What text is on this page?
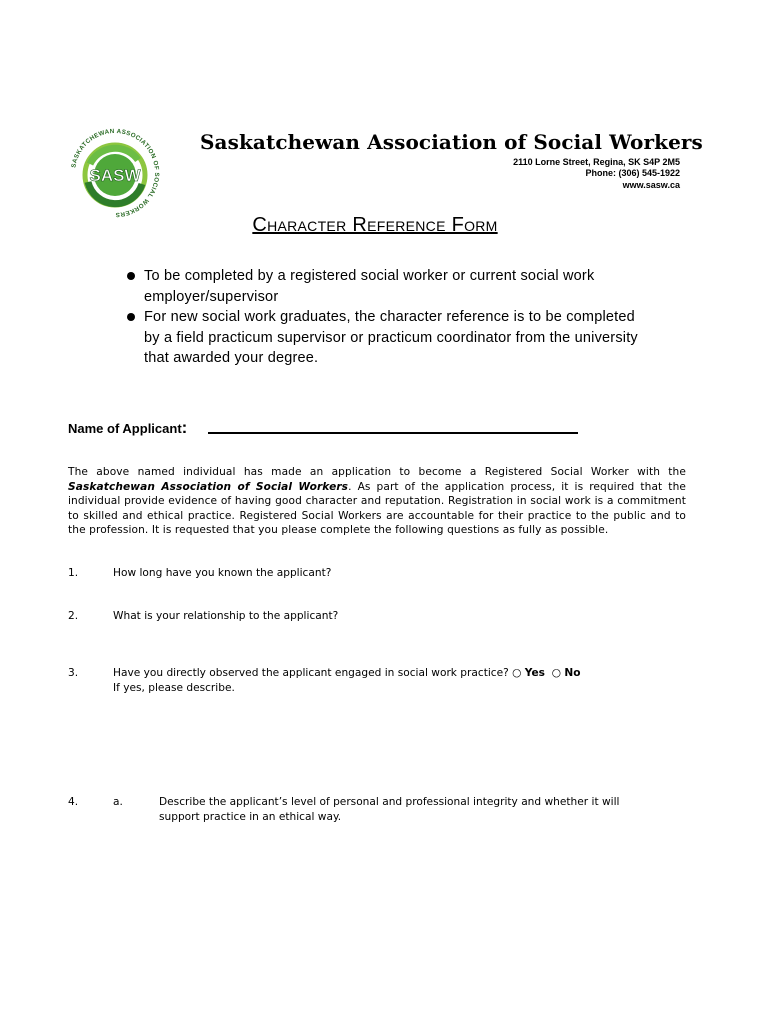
SASW
SASKATCHEWAN ASSOCIATION OF SOCIAL WORKERS
Saskatchewan Association of Social Workers
2110 Lorne Street, Regina, SK S4P 2M5
Phone: (306) 545-1922
www.sasw.ca
Character Reference Form
To be completed by a registered social worker or current social work employer/supervisor
For new social work graduates, the character reference is to be completed by a field practicum supervisor or practicum coordinator from the university that awarded your degree.
Name of Applicant:
The above named individual has made an application to become a Registered Social Worker with the Saskatchewan Association of Social Workers. As part of the application process, it is required that the individual provide evidence of having good character and reputation. Registration in social work is a commitment to skilled and ethical practice. Registered Social Workers are accountable for their practice to the public and to the profession. It is requested that you please complete the following questions as fully as possible.
1.	How long have you known the applicant?
2.	What is your relationship to the applicant?
3.	Have you directly observed the applicant engaged in social work practice? ○ Yes ○ No
If yes, please describe.
4.	a.	Describe the applicant’s level of personal and professional integrity and whether it will
support practice in an ethical way.
